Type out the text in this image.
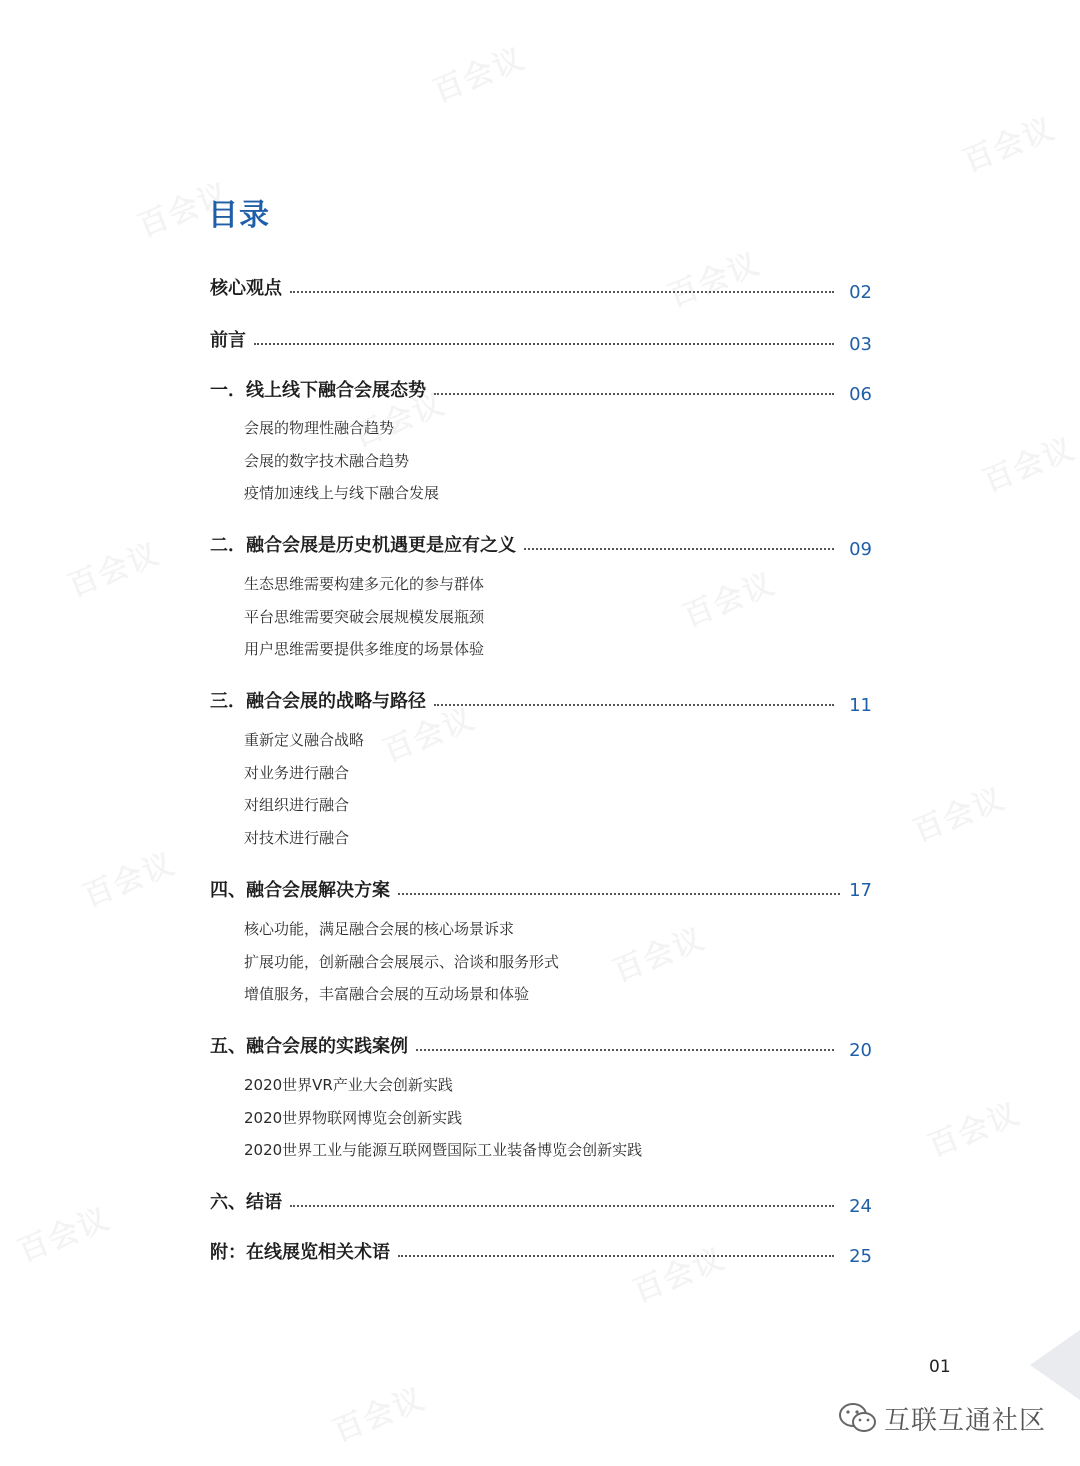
目录
核心观点	02
前言	03
一．线上线下融合会展态势	06
会展的物理性融合趋势
会展的数字技术融合趋势
疫情加速线上与线下融合发展
二．融合会展是历史机遇更是应有之义	09
生态思维需要构建多元化的参与群体
平台思维需要突破会展规模发展瓶颈
用户思维需要提供多维度的场景体验
三．融合会展的战略与路径	11
重新定义融合战略
对业务进行融合
对组织进行融合
对技术进行融合
四、融合会展解决方案	17
核心功能，满足融合会展的核心场景诉求
扩展功能，创新融合会展展示、洽谈和服务形式
增值服务，丰富融合会展的互动场景和体验
五、融合会展的实践案例	20
2020世界VR产业大会创新实践
2020世界物联网博览会创新实践
2020世界工业与能源互联网暨国际工业装备博览会创新实践
六、结语	24
附：在线展览相关术语	25
01
互联互通社区
